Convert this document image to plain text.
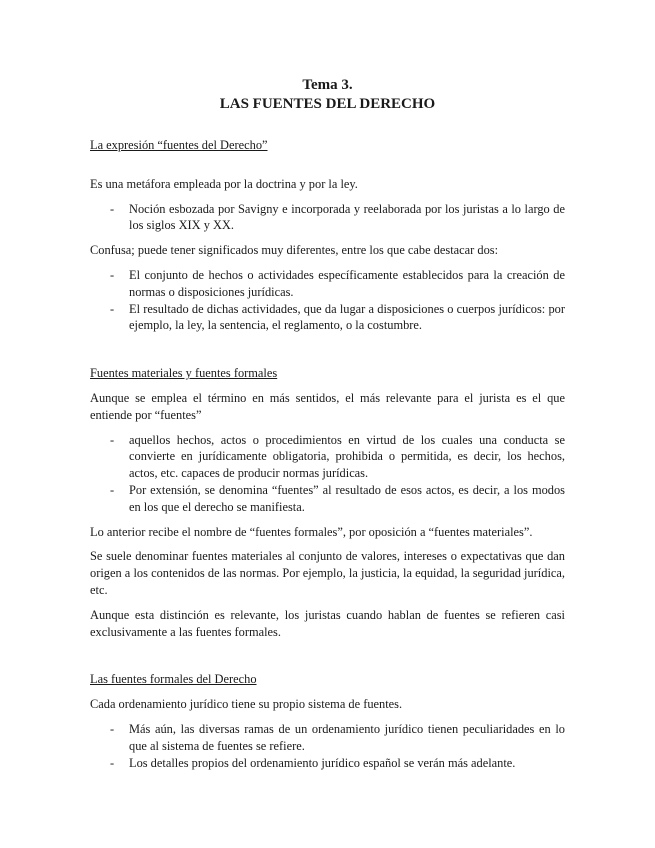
Tema 3.
LAS FUENTES DEL DERECHO
La expresión “fuentes del Derecho”

Es una metáfora empleada por la doctrina y por la ley.

- Noción esbozada por Savigny e incorporada y reelaborada por los juristas a lo largo de los siglos XIX y XX.

Confusa; puede tener significados muy diferentes, entre los que cabe destacar dos:

- El conjunto de hechos o actividades específicamente establecidos para la creación de normas o disposiciones jurídicas.
- El resultado de dichas actividades, que da lugar a disposiciones o cuerpos jurídicos: por ejemplo, la ley, la sentencia, el reglamento, o la costumbre.
Fuentes materiales y fuentes formales

Aunque se emplea el término en más sentidos, el más relevante para el jurista es el que entiende por “fuentes”

- aquellos hechos, actos o procedimientos en virtud de los cuales una conducta se convierte en jurídicamente obligatoria, prohibida o permitida, es decir, los hechos, actos, etc. capaces de producir normas jurídicas.
- Por extensión, se denomina “fuentes” al resultado de esos actos, es decir, a los modos en los que el derecho se manifiesta.

Lo anterior recibe el nombre de “fuentes formales”, por oposición a “fuentes materiales”.

Se suele denominar fuentes materiales al conjunto de valores, intereses o expectativas que dan origen a los contenidos de las normas. Por ejemplo, la justicia, la equidad, la seguridad jurídica, etc.

Aunque esta distinción es relevante, los juristas cuando hablan de fuentes se refieren casi exclusivamente a las fuentes formales.

Las fuentes formales del Derecho

Cada ordenamiento jurídico tiene su propio sistema de fuentes.

- Más aún, las diversas ramas de un ordenamiento jurídico tienen peculiaridades en lo que al sistema de fuentes se refiere.
- Los detalles propios del ordenamiento jurídico español se verán más adelante.
